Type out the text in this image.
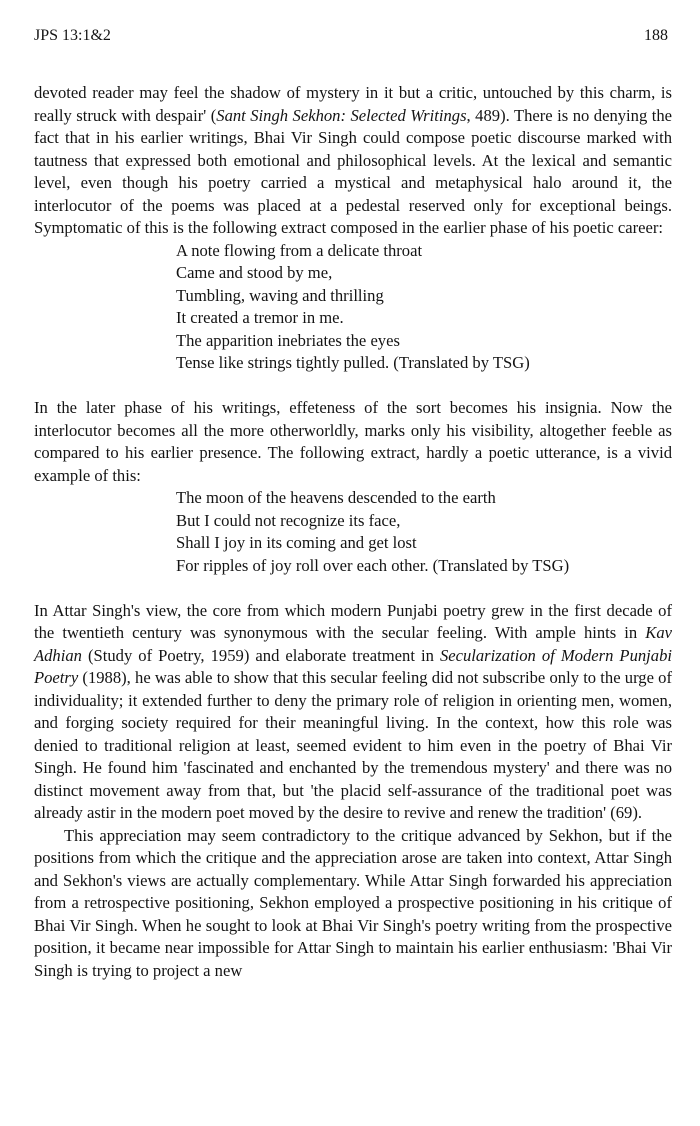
JPS 13:1&2	188

devoted reader may feel the shadow of mystery in it but a critic, untouched by this charm, is really struck with despair' (Sant Singh Sekhon: Selected Writings, 489). There is no denying the fact that in his earlier writings, Bhai Vir Singh could compose poetic discourse marked with tautness that expressed both emotional and philosophical levels. At the lexical and semantic level, even though his poetry carried a mystical and metaphysical halo around it, the interlocutor of the poems was placed at a pedestal reserved only for exceptional beings. Symptomatic of this is the following extract composed in the earlier phase of his poetic career:

A note flowing from a delicate throat
Came and stood by me,
Tumbling, waving and thrilling
It created a tremor in me.
The apparition inebriates the eyes
Tense like strings tightly pulled. (Translated by TSG)

In the later phase of his writings, effeteness of the sort becomes his insignia. Now the interlocutor becomes all the more otherworldly, marks only his visibility, altogether feeble as compared to his earlier presence. The following extract, hardly a poetic utterance, is a vivid example of this:

The moon of the heavens descended to the earth
But I could not recognize its face,
Shall I joy in its coming and get lost
For ripples of joy roll over each other. (Translated by TSG)

In Attar Singh's view, the core from which modern Punjabi poetry grew in the first decade of the twentieth century was synonymous with the secular feeling. With ample hints in Kav Adhian (Study of Poetry, 1959) and elaborate treatment in Secularization of Modern Punjabi Poetry (1988), he was able to show that this secular feeling did not subscribe only to the urge of individuality; it extended further to deny the primary role of religion in orienting men, women, and forging society required for their meaningful living. In the context, how this role was denied to traditional religion at least, seemed evident to him even in the poetry of Bhai Vir Singh. He found him 'fascinated and enchanted by the tremendous mystery' and there was no distinct movement away from that, but 'the placid self-assurance of the traditional poet was already astir in the modern poet moved by the desire to revive and renew the tradition' (69).

This appreciation may seem contradictory to the critique advanced by Sekhon, but if the positions from which the critique and the appreciation arose are taken into context, Attar Singh and Sekhon's views are actually complementary. While Attar Singh forwarded his appreciation from a retrospective positioning, Sekhon employed a prospective positioning in his critique of Bhai Vir Singh. When he sought to look at Bhai Vir Singh's poetry writing from the prospective position, it became near impossible for Attar Singh to maintain his earlier enthusiasm: 'Bhai Vir Singh is trying to project a new
